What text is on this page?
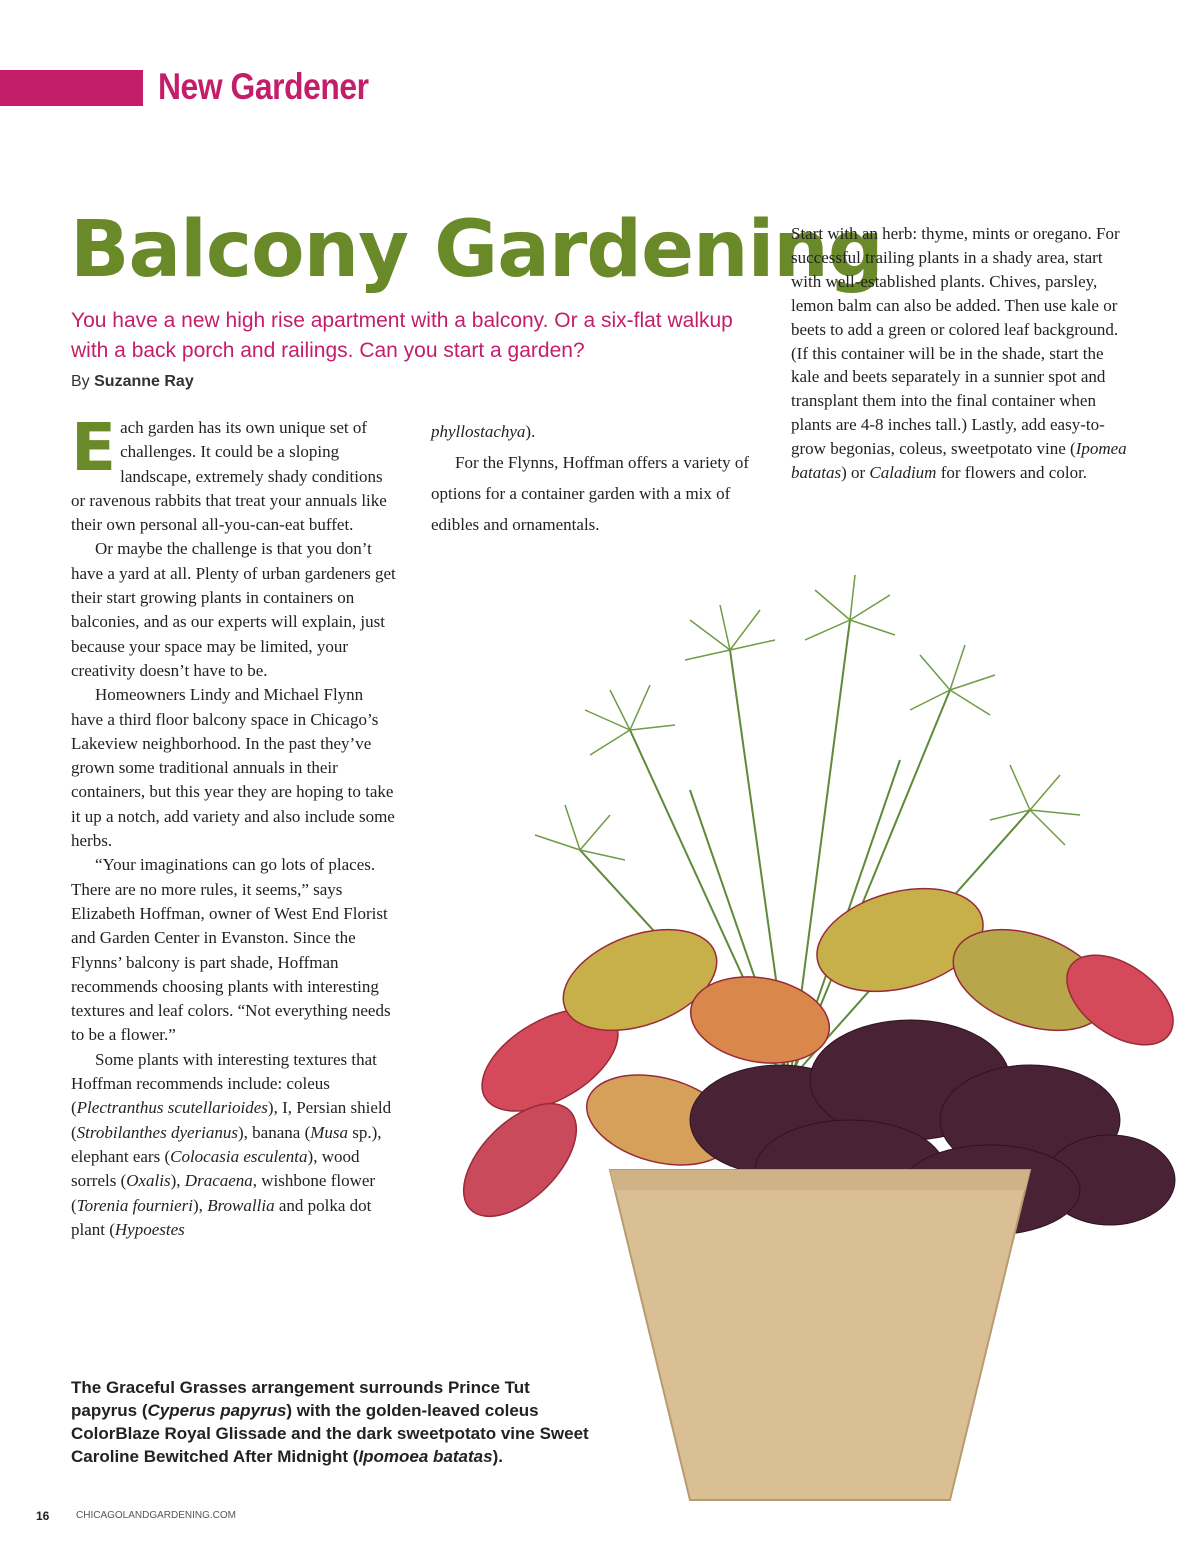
New Gardener
Balcony Gardening

You have a new high rise apartment with a balcony. Or a six-flat walkup with a back porch and railings. Can you start a garden?

By Suzanne Ray

Each garden has its own unique set of challenges. It could be a sloping landscape, extremely shady conditions or ravenous rabbits that treat your annuals like their own personal all-you-can-eat buffet.

Or maybe the challenge is that you don’t have a yard at all. Plenty of urban gardeners get their start growing plants in containers on balconies, and as our experts will explain, just because your space may be limited, your creativity doesn’t have to be.

Homeowners Lindy and Michael Flynn have a third floor balcony space in Chicago’s Lakeview neighborhood. In the past they’ve grown some traditional annuals in their containers, but this year they are hoping to take it up a notch, add variety and also include some herbs.

“Your imaginations can go lots of places. There are no more rules, it seems,” says Elizabeth Hoffman, owner of West End Florist and Garden Center in Evanston. Since the Flynns’ balcony is part shade, Hoffman recommends choosing plants with interesting textures and leaf colors. “Not everything needs to be a flower.”

Some plants with interesting textures that Hoffman recommends include: coleus (Plectranthus scutellarioides), I, Persian shield (Strobilanthes dyerianus), banana (Musa sp.), elephant ears (Colocasia esculenta), wood sorrels (Oxalis), Dracaena, wishbone flower (Torenia fournieri), Browallia and polka dot plant (Hypoestes

phyllostachya).

For the Flynns, Hoffman offers a variety of options for a container garden with a mix of edibles and ornamentals.

Start with an herb: thyme, mints or oregano. For successful trailing plants in a shady area, start with well-established plants. Chives, parsley, lemon balm can also be added. Then use kale or beets to add a green or colored leaf background. (If this container will be in the shade, start the kale and beets separately in a sunnier spot and transplant them into the final container when plants are 4-8 inches tall.) Lastly, add easy-to-grow begonias, coleus, sweetpotato vine (Ipomea batatas) or Caladium for flowers and color.

The Graceful Grasses arrangement surrounds Prince Tut papyrus (Cyperus papyrus) with the golden-leaved coleus ColorBlaze Royal Glissade and the dark sweetpotato vine Sweet Caroline Bewitched After Midnight (Ipomoea batatas).

16	CHICAGOLANDGARDENING.COM
